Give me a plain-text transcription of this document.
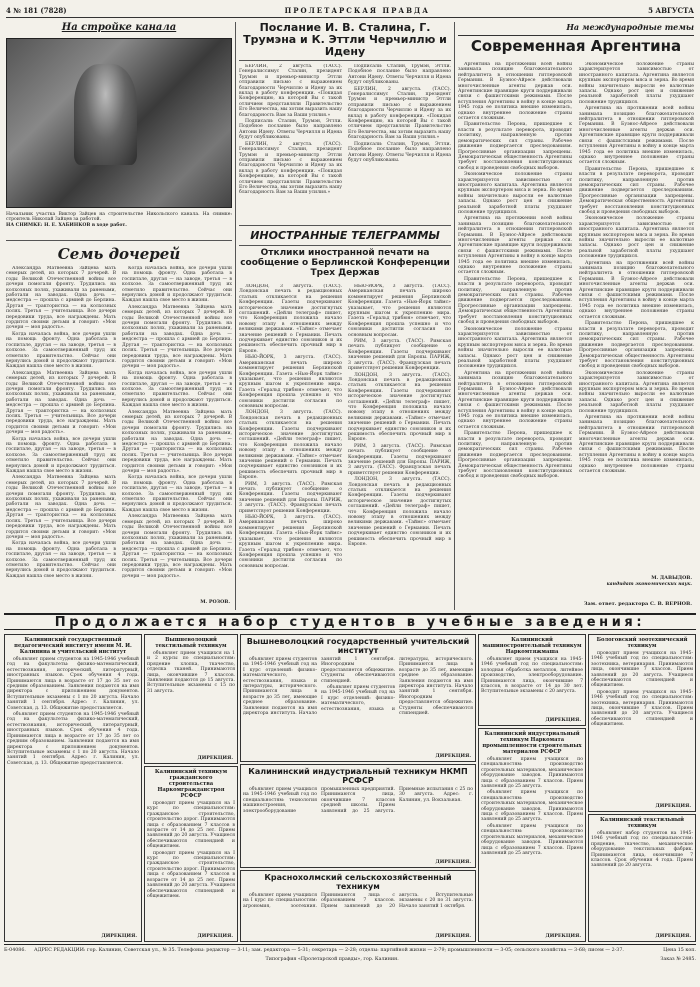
4 № 181 (7828)	ПРОЛЕТАРСКАЯ ПРАВДА	5 АВГУСТА
На стройке канала
Начальник участка Виктор Зайцев на строительстве Никольского канала. На снимке: строитель Николай Зайцев за работой.
НА СНИМКЕ: Н. Е. ХАБИНКОВ в ходе работ.
Семь дочерей

Александра Матвеевна Зайцева мать семерых детей, из которых 7 дочерей. В годы Великой Отечественной войны все дочери помогали фронту. Трудились на колхозных полях, ухаживали за ранеными, работали на заводах. Одна дочь — медсестра — прошла с армией до Берлина. Другая — трактористка — на колхозных полях. Третья — учительница. Все дочери передовики труда, все награждены. Мать гордится своими детьми и говорит: «Мои дочери — моя радость».

Когда началась война, все дочери ушли на помощь фронту. Одна работала в госпитале, другая — на заводе, третья — в колхозе. За самоотверженный труд их отметило правительство. Сейчас они вернулись домой и продолжают трудиться. Каждая нашла свое место в жизни.

Александра Матвеевна Зайцева мать семерых детей, из которых 7 дочерей. В годы Великой Отечественной войны все дочери помогали фронту. Трудились на колхозных полях, ухаживали за ранеными, работали на заводах. Одна дочь — медсестра — прошла с армией до Берлина. Другая — трактористка — на колхозных полях. Третья — учительница. Все дочери передовики труда, все награждены. Мать гордится своими детьми и говорит: «Мои дочери — моя радость».

Когда началась война, все дочери ушли на помощь фронту. Одна работала в госпитале, другая — на заводе, третья — в колхозе. За самоотверженный труд их отметило правительство. Сейчас они вернулись домой и продолжают трудиться. Каждая нашла свое место в жизни.

Александра Матвеевна Зайцева мать семерых детей, из которых 7 дочерей. В годы Великой Отечественной войны все дочери помогали фронту. Трудились на колхозных полях, ухаживали за ранеными, работали на заводах. Одна дочь — медсестра — прошла с армией до Берлина. Другая — трактористка — на колхозных полях. Третья — учительница. Все дочери передовики труда, все награждены. Мать гордится своими детьми и говорит: «Мои дочери — моя радость».

Когда началась война, все дочери ушли на помощь фронту. Одна работала в госпитале, другая — на заводе, третья — в колхозе. За самоотверженный труд их отметило правительство. Сейчас они вернулись домой и продолжают трудиться. Каждая нашла свое место в жизни.

Когда началась война, все дочери ушли на помощь фронту. Одна работала в госпитале, другая — на заводе, третья — в колхозе. За самоотверженный труд их отметило правительство. Сейчас они вернулись домой и продолжают трудиться. Каждая нашла свое место в жизни.

Александра Матвеевна Зайцева мать семерых детей, из которых 7 дочерей. В годы Великой Отечественной войны все дочери помогали фронту. Трудились на колхозных полях, ухаживали за ранеными, работали на заводах. Одна дочь — медсестра — прошла с армией до Берлина. Другая — трактористка — на колхозных полях. Третья — учительница. Все дочери передовики труда, все награждены. Мать гордится своими детьми и говорит: «Мои дочери — моя радость».

Когда началась война, все дочери ушли на помощь фронту. Одна работала в госпитале, другая — на заводе, третья — в колхозе. За самоотверженный труд их отметило правительство. Сейчас они вернулись домой и продолжают трудиться. Каждая нашла свое место в жизни.

Александра Матвеевна Зайцева мать семерых детей, из которых 7 дочерей. В годы Великой Отечественной войны все дочери помогали фронту. Трудились на колхозных полях, ухаживали за ранеными, работали на заводах. Одна дочь — медсестра — прошла с армией до Берлина. Другая — трактористка — на колхозных полях. Третья — учительница. Все дочери передовики труда, все награждены. Мать гордится своими детьми и говорит: «Мои дочери — моя радость».

Когда началась война, все дочери ушли на помощь фронту. Одна работала в госпитале, другая — на заводе, третья — в колхозе. За самоотверженный труд их отметило правительство. Сейчас они вернулись домой и продолжают трудиться. Каждая нашла свое место в жизни.

Александра Матвеевна Зайцева мать семерых детей, из которых 7 дочерей. В годы Великой Отечественной войны все дочери помогали фронту. Трудились на колхозных полях, ухаживали за ранеными, работали на заводах. Одна дочь — медсестра — прошла с армией до Берлина. Другая — трактористка — на колхозных полях. Третья — учительница. Все дочери передовики труда, все награждены. Мать гордится своими детьми и говорит: «Мои дочери — моя радость».

М. РОЗОВ.
Послание И. В. Сталина, Г. Трумэна и К. Эттли Черчиллю и Идену

БЕРЛИН, 2 августа. (ТАСС). Генералиссимус Сталин, президент Трумэн и премьер-министр Эттли отправили письмо с выражением благодарности Черчиллю и Идену за их вклад в работу конференции. «Покидая Конференцию, на которой Вы с такой отличием представляли Правительство Его Величества, мы хотим выразить нашу благодарность Вам за Ваши усилия.»

Подписали: Сталин, Трумэн, Эттли. Подобное послание было направлено Антони Идену. Ответы Черчилля и Идена будут опубликованы.

БЕРЛИН, 2 августа. (ТАСС). Генералиссимус Сталин, президент Трумэн и премьер-министр Эттли отправили письмо с выражением благодарности Черчиллю и Идену за их вклад в работу конференции. «Покидая Конференцию, на которой Вы с такой отличием представляли Правительство Его Величества, мы хотим выразить нашу благодарность Вам за Ваши усилия.»

Подписали: Сталин, Трумэн, Эттли. Подобное послание было направлено Антони Идену. Ответы Черчилля и Идена будут опубликованы.

БЕРЛИН, 2 августа. (ТАСС). Генералиссимус Сталин, президент Трумэн и премьер-министр Эттли отправили письмо с выражением благодарности Черчиллю и Идену за их вклад в работу конференции. «Покидая Конференцию, на которой Вы с такой отличием представляли Правительство Его Величества, мы хотим выразить нашу благодарность Вам за Ваши усилия.»

Подписали: Сталин, Трумэн, Эттли. Подобное послание было направлено Антони Идену. Ответы Черчилля и Идена будут опубликованы.

ИНОСТРАННЫЕ ТЕЛЕГРАММЫ
Отклики иностранной печати на сообщение о Берлинской Конференции Трех Держав

ЛОНДОН, 3 августа. (ТАСС). Лондонская печать в редакционных статьях откликается на решения Конференции. Газеты подчеркивают историческое значение достигнутых соглашений. «Дейли телеграф» пишет, что Конференция положила начало новому этапу в отношениях между великими державами. «Таймс» отмечает значение решений о Германии. Печать подчеркивает единство союзников и их решимость обеспечить прочный мир в Европе.

НЬЮ-ЙОРК, 3 августа. (ТАСС). Американская печать широко комментирует решения Берлинской Конференции. Газета «Нью-Йорк таймс» указывает, что решения являются крупным шагом к укреплению мира. Газета «Геральд трибюн» отмечает, что Конференция прошла успешно и что союзники достигли согласия по основным вопросам.

ЛОНДОН, 3 августа. (ТАСС). Лондонская печать в редакционных статьях откликается на решения Конференции. Газеты подчеркивают историческое значение достигнутых соглашений. «Дейли телеграф» пишет, что Конференция положила начало новому этапу в отношениях между великими державами. «Таймс» отмечает значение решений о Германии. Печать подчеркивает единство союзников и их решимость обеспечить прочный мир в Европе.

РИМ, 3 августа. (ТАСС). Римская печать публикует сообщение о Конференции. Газеты подчеркивают значение решений для Европы. ПАРИЖ, 3 августа. (ТАСС). Французская печать приветствует решения Конференции.

НЬЮ-ЙОРК, 3 августа. (ТАСС). Американская печать широко комментирует решения Берлинской Конференции. Газета «Нью-Йорк таймс» указывает, что решения являются крупным шагом к укреплению мира. Газета «Геральд трибюн» отмечает, что Конференция прошла успешно и что союзники достигли согласия по основным вопросам.

НЬЮ-ЙОРК, 3 августа. (ТАСС). Американская печать широко комментирует решения Берлинской Конференции. Газета «Нью-Йорк таймс» указывает, что решения являются крупным шагом к укреплению мира. Газета «Геральд трибюн» отмечает, что Конференция прошла успешно и что союзники достигли согласия по основным вопросам.

РИМ, 3 августа. (ТАСС). Римская печать публикует сообщение о Конференции. Газеты подчеркивают значение решений для Европы. ПАРИЖ, 3 августа. (ТАСС). Французская печать приветствует решения Конференции.

ЛОНДОН, 3 августа. (ТАСС). Лондонская печать в редакционных статьях откликается на решения Конференции. Газеты подчеркивают историческое значение достигнутых соглашений. «Дейли телеграф» пишет, что Конференция положила начало новому этапу в отношениях между великими державами. «Таймс» отмечает значение решений о Германии. Печать подчеркивает единство союзников и их решимость обеспечить прочный мир в Европе.

РИМ, 3 августа. (ТАСС). Римская печать публикует сообщение о Конференции. Газеты подчеркивают значение решений для Европы. ПАРИЖ, 3 августа. (ТАСС). Французская печать приветствует решения Конференции.

ЛОНДОН, 3 августа. (ТАСС). Лондонская печать в редакционных статьях откликается на решения Конференции. Газеты подчеркивают историческое значение достигнутых соглашений. «Дейли телеграф» пишет, что Конференция положила начало новому этапу в отношениях между великими державами. «Таймс» отмечает значение решений о Германии. Печать подчеркивает единство союзников и их решимость обеспечить прочный мир в Европе.

На международные темы
Современная Аргентина

Аргентина на протяжении всей войны занимала позицию благожелательного нейтралитета в отношении гитлеровской Германии. В Буэнос-Айресе действовали многочисленные агенты держав оси. Аргентинские правящие круги поддерживали связи с фашистскими режимами. После вступления Аргентины в войну в конце марта 1945 года ее политика внешне изменилась, однако внутреннее положение страны остается сложным.

Правительство Перона, пришедшее к власти в результате переворота, проводит политику, направленную против демократических сил страны. Рабочее движение подвергается преследованиям. Прогрессивные организации запрещены. Демократическая общественность Аргентины требует восстановления конституционных свобод и проведения свободных выборов.

Экономическое положение страны характеризуется зависимостью от иностранного капитала. Аргентина является крупным экспортером мяса и зерна. Во время войны значительно выросли ее валютные запасы. Однако рост цен и снижение реальной заработной платы ухудшают положение трудящихся.

Аргентина на протяжении всей войны занимала позицию благожелательного нейтралитета в отношении гитлеровской Германии. В Буэнос-Айресе действовали многочисленные агенты держав оси. Аргентинские правящие круги поддерживали связи с фашистскими режимами. После вступления Аргентины в войну в конце марта 1945 года ее политика внешне изменилась, однако внутреннее положение страны остается сложным.

Правительство Перона, пришедшее к власти в результате переворота, проводит политику, направленную против демократических сил страны. Рабочее движение подвергается преследованиям. Прогрессивные организации запрещены. Демократическая общественность Аргентины требует восстановления конституционных свобод и проведения свободных выборов.

Экономическое положение страны характеризуется зависимостью от иностранного капитала. Аргентина является крупным экспортером мяса и зерна. Во время войны значительно выросли ее валютные запасы. Однако рост цен и снижение реальной заработной платы ухудшают положение трудящихся.

Аргентина на протяжении всей войны занимала позицию благожелательного нейтралитета в отношении гитлеровской Германии. В Буэнос-Айресе действовали многочисленные агенты держав оси. Аргентинские правящие круги поддерживали связи с фашистскими режимами. После вступления Аргентины в войну в конце марта 1945 года ее политика внешне изменилась, однако внутреннее положение страны остается сложным.

Правительство Перона, пришедшее к власти в результате переворота, проводит политику, направленную против демократических сил страны. Рабочее движение подвергается преследованиям. Прогрессивные организации запрещены. Демократическая общественность Аргентины требует восстановления конституционных свобод и проведения свободных выборов.

Экономическое положение страны характеризуется зависимостью от иностранного капитала. Аргентина является крупным экспортером мяса и зерна. Во время войны значительно выросли ее валютные запасы. Однако рост цен и снижение реальной заработной платы ухудшают положение трудящихся.

Аргентина на протяжении всей войны занимала позицию благожелательного нейтралитета в отношении гитлеровской Германии. В Буэнос-Айресе действовали многочисленные агенты держав оси. Аргентинские правящие круги поддерживали связи с фашистскими режимами. После вступления Аргентины в войну в конце марта 1945 года ее политика внешне изменилась, однако внутреннее положение страны остается сложным.

Правительство Перона, пришедшее к власти в результате переворота, проводит политику, направленную против демократических сил страны. Рабочее движение подвергается преследованиям. Прогрессивные организации запрещены. Демократическая общественность Аргентины требует восстановления конституционных свобод и проведения свободных выборов.

Экономическое положение страны характеризуется зависимостью от иностранного капитала. Аргентина является крупным экспортером мяса и зерна. Во время войны значительно выросли ее валютные запасы. Однако рост цен и снижение реальной заработной платы ухудшают положение трудящихся.

Аргентина на протяжении всей войны занимала позицию благожелательного нейтралитета в отношении гитлеровской Германии. В Буэнос-Айресе действовали многочисленные агенты держав оси. Аргентинские правящие круги поддерживали связи с фашистскими режимами. После вступления Аргентины в войну в конце марта 1945 года ее политика внешне изменилась, однако внутреннее положение страны остается сложным.

Правительство Перона, пришедшее к власти в результате переворота, проводит политику, направленную против демократических сил страны. Рабочее движение подвергается преследованиям. Прогрессивные организации запрещены. Демократическая общественность Аргентины требует восстановления конституционных свобод и проведения свободных выборов.

Экономическое положение страны характеризуется зависимостью от иностранного капитала. Аргентина является крупным экспортером мяса и зерна. Во время войны значительно выросли ее валютные запасы. Однако рост цен и снижение реальной заработной платы ухудшают положение трудящихся.

Аргентина на протяжении всей войны занимала позицию благожелательного нейтралитета в отношении гитлеровской Германии. В Буэнос-Айресе действовали многочисленные агенты держав оси. Аргентинские правящие круги поддерживали связи с фашистскими режимами. После вступления Аргентины в войну в конце марта 1945 года ее политика внешне изменилась, однако внутреннее положение страны остается сложным.

М. ДАВЫДОВ.
кандидат экономических наук.
Зам. ответ. редактора С. В. ВЕРНОВ.
Продолжается набор студентов в учебные заведения:
Калининский государственный педагогический институт имени М. И. Калинина и учительский институт

объявляет прием студентов на 1945-1946 учебный год на факультеты: физико-математический, естествознания, исторический, литературный, иностранных языков. Срок обучения 4 года. Принимаются лица в возрасте от 17 до 35 лет со средним образованием. Заявления подаются на имя директора с приложением документов. Вступительные экзамены с 1 по 20 августа. Начало занятий 1 сентября. Адрес: г. Калинин, ул. Советская, д. 13. Общежитие предоставляется.

объявляет прием студентов на 1945-1946 учебный год на факультеты: физико-математический, естествознания, исторический, литературный, иностранных языков. Срок обучения 4 года. Принимаются лица в возрасте от 17 до 35 лет со средним образованием. Заявления подаются на имя директора с приложением документов. Вступительные экзамены с 1 по 20 августа. Начало занятий 1 сентября. Адрес: г. Калинин, ул. Советская, д. 13. Общежитие предоставляется.

ДИРЕКЦИЯ.
Вышневолоцкий текстильный техникум

объявляет прием учащихся на 1 и 2 курсы по специальностям: прядение хлопка, ткачество, отделка тканей. Принимаются лица, окончившие 7 классов. Заявления подаются до 15 августа. Вступительные экзамены с 15 по 31 августа.

ДИРЕКЦИЯ.
Калининский техникум гражданского строительства Наркомгражданстроя РСФСР

проводит прием учащихся на I курс по специальностям: гражданское строительство, строительство дорог. Принимаются лица с образованием 7 классов в возрасте от 14 до 25 лет. Прием заявлений до 20 августа. Учащиеся обеспечиваются стипендией и общежитием.

проводит прием учащихся на I курс по специальностям: гражданское строительство, строительство дорог. Принимаются лица с образованием 7 классов в возрасте от 14 до 25 лет. Прием заявлений до 20 августа. Учащиеся обеспечиваются стипендией и общежитием.

ДИРЕКЦИЯ.
Вышневолоцкий государственный учительский институт

объявляет прием студентов на 1945-1946 учебный год на I курс отделений: физико-математического, естествознания, языка и литературы, исторического. Принимаются лица в возрасте до 35 лет, имеющие среднее образование. Заявления подаются на имя директора института. Начало занятий 1 сентября. Иногородним предоставляется общежитие. Студенты обеспечиваются стипендией.

объявляет прием студентов на 1945-1946 учебный год на I курс отделений: физико-математического, естествознания, языка и литературы, исторического. Принимаются лица в возрасте до 35 лет, имеющие среднее образование. Заявления подаются на имя директора института. Начало занятий 1 сентября. Иногородним предоставляется общежитие. Студенты обеспечиваются стипендией.

ДИРЕКЦИЯ.
Калининский индустриальный техникум НКМП РСФСР

объявляет прием учащихся на 1945-1946 учебный год по специальностям: технология машиностроения, электрооборудование промышленных предприятий. Принимаются лица, окончившие 7 классов средней школы. Прием заявлений до 25 августа. Приемные испытания с 25 по 30 августа. Адрес: г. Калинин, ул. Вокзальная.

ДИРЕКЦИЯ.
Краснохолмский сельскохозяйственный техникум

объявляет прием учащихся на I курс по специальностям: агрономия, зоотехния. Принимаются лица с образованием 7 классов. Прием заявлений до 20 августа. Вступительные экзамены с 20 по 31 августа. Начало занятий 1 октября.

ДИРЕКЦИЯ.
Калининский машиностроительный техникум Наркомтяжмаша

объявляет прием учащихся на 1945-1946 учебный год по специальностям: холодная обработка металлов, литейное производство, электрооборудование. Принимаются лица, окончившие 7 классов, в возрасте от 14 до 30 лет. Вступительные экзамены с 20 августа.

ДИРЕКЦИЯ.
Калининский индустриальный техникум Наркомата промышленности строительных материалов РСФСР

объявляет прием учащихся по специальностям: производство строительных материалов, механическое оборудование заводов. Принимаются лица с образованием 7 классов. Прием заявлений до 25 августа.

объявляет прием учащихся по специальностям: производство строительных материалов, механическое оборудование заводов. Принимаются лица с образованием 7 классов. Прием заявлений до 25 августа.

объявляет прием учащихся по специальностям: производство строительных материалов, механическое оборудование заводов. Принимаются лица с образованием 7 классов. Прием заявлений до 25 августа.

ДИРЕКЦИЯ.
Бологовский зоотехнический техникум

проводит прием учащихся на 1945-1946 учебный год по специальностям: зоотехника, ветеринария. Принимаются лица, окончившие 7 классов. Прием заявлений до 20 августа. Учащиеся обеспечиваются стипендией и общежитием.

проводит прием учащихся на 1945-1946 учебный год по специальностям: зоотехника, ветеринария. Принимаются лица, окончившие 7 классов. Прием заявлений до 20 августа. Учащиеся обеспечиваются стипендией и общежитием.

ДИРЕКЦИЯ.
Калининский текстильный техникум

объявляет набор студентов на 1945-1946 учебный год по специальностям: прядение, ткачество, механическое оборудование текстильных фабрик. Принимаются лица, окончившие 7 классов. Срок обучения 4 года. Прием заявлений до 20 августа.

ДИРЕКЦИЯ.
Б-04086.	АДРЕС РЕДАКЦИИ: гор. Калинин, Советская ул., № 35. Телефоны: редактор — 3-11; зам. редактора — 5-31; секретарь — 2-28; отделы: партийной жизни — 2-79; промышленности — 3-05; сельского хозяйства — 3-68; писем — 2-37.	Цена 15 коп.
Типография «Пролетарской правды», гор. Калинин.	Заказ № 2485.
